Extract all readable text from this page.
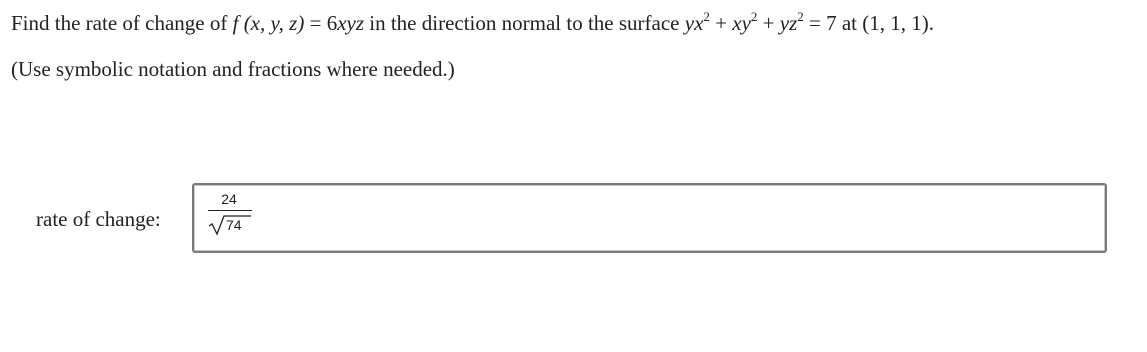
Find the rate of change of f (x, y, z) = 6xyz in the direction normal to the surface $yx^2 + xy^2 + yz^2 = 7$ at (1, 1, 1).
(Use symbolic notation and fractions where needed.)
rate of change:
24
74
